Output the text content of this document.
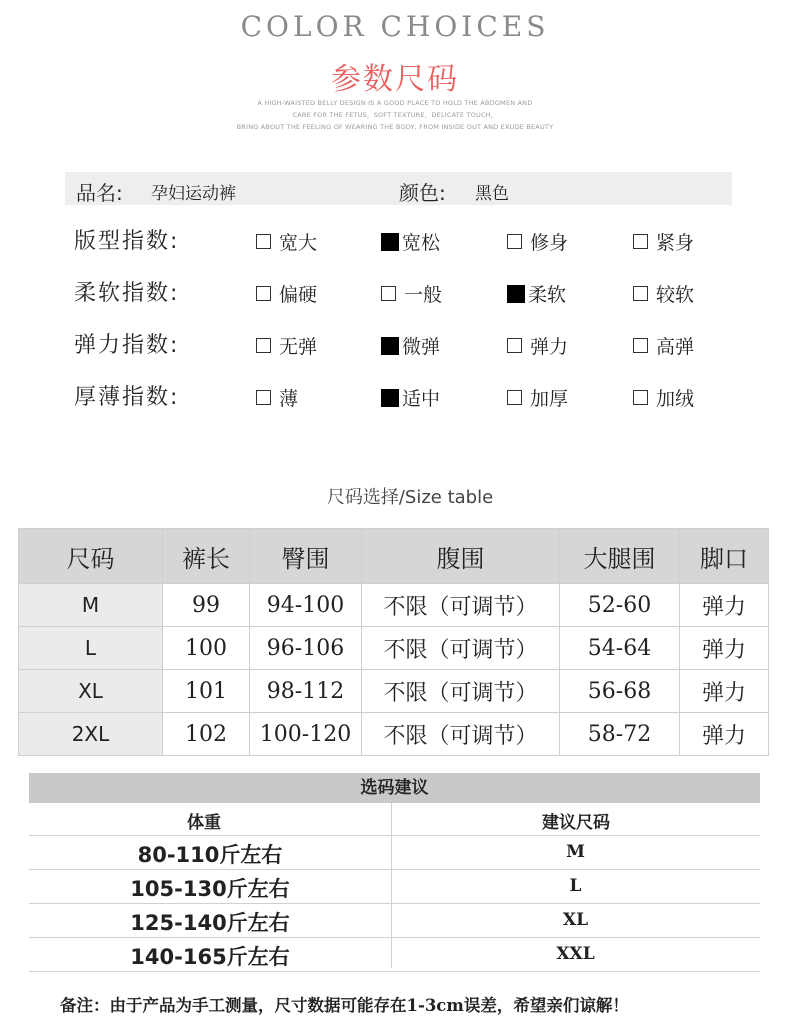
COLOR CHOICES
参数尺码
A HIGH-WAISTED BELLY DESIGN IS A GOOD PLACE TO HOLD THE ABDOMEN AND
CARE FOR THE FETUS，SOFT TEXTURE，DELICATE TOUCH，
BRING ABOUT THE FEELING OF WEARING THE BODY, FROM INSIDE OUT AND EXUDE BEAUTY
品名: 孕妇运动裤	颜色: 黑色
版型指数:	宽大	宽松	修身	紧身
柔软指数:	偏硬	一般	柔软	较软
弹力指数:	无弹	微弹	弹力	高弹
厚薄指数:	薄	适中	加厚	加绒
尺码选择/Size table
尺码	裤长	臀围	腹围	大腿围	脚口
M	99	94-100	不限（可调节）	52-60	弹力
L	100	96-106	不限（可调节）	54-64	弹力
XL	101	98-112	不限（可调节）	56-68	弹力
2XL	102	100-120	不限（可调节）	58-72	弹力
选码建议
体重	建议尺码
80-110斤左右	M
105-130斤左右	L
125-140斤左右	XL
140-165斤左右	XXL
备注：由于产品为手工测量，尺寸数据可能存在1-3cm误差，希望亲们谅解！
